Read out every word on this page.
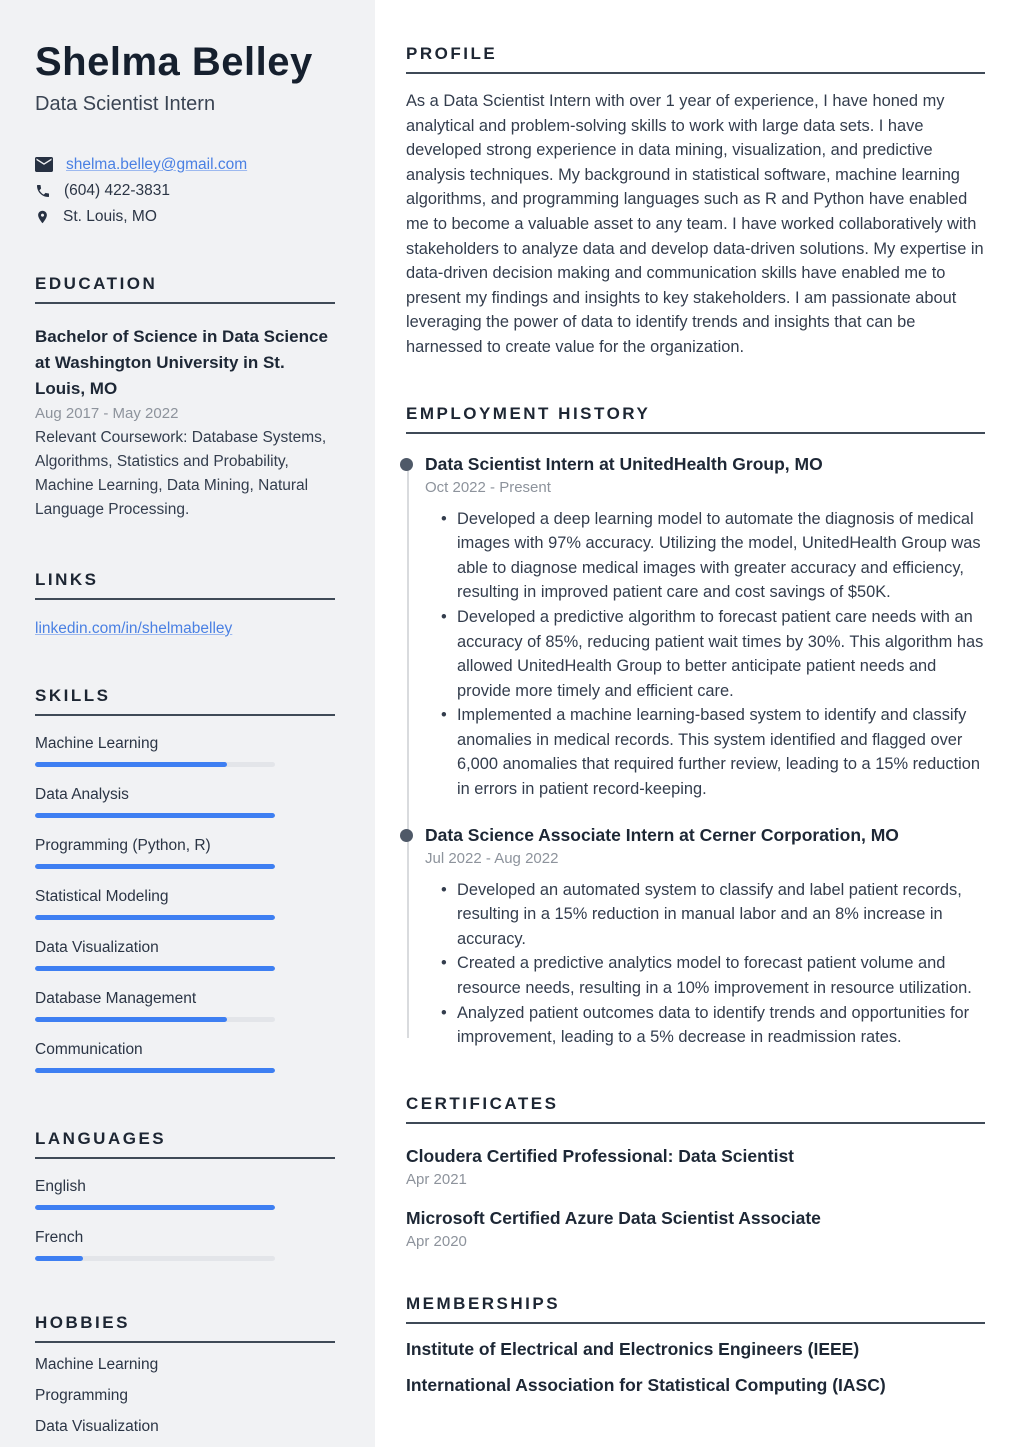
Shelma Belley
Data Scientist Intern
shelma.belley@gmail.com
(604) 422-3831
St. Louis, MO
EDUCATION
Bachelor of Science in Data Science at Washington University in St. Louis, MO
Aug 2017 - May 2022
Relevant Coursework: Database Systems, Algorithms, Statistics and Probability, Machine Learning, Data Mining, Natural Language Processing.
LINKS
linkedin.com/in/shelmabelley
SKILLS
Machine Learning
Data Analysis
Programming (Python, R)
Statistical Modeling
Data Visualization
Database Management
Communication
LANGUAGES
English
French
HOBBIES
Machine Learning
Programming
Data Visualization
PROFILE

As a Data Scientist Intern with over 1 year of experience, I have honed my analytical and problem-solving skills to work with large data sets. I have developed strong experience in data mining, visualization, and predictive analysis techniques. My background in statistical software, machine learning algorithms, and programming languages such as R and Python have enabled me to become a valuable asset to any team. I have worked collaboratively with stakeholders to analyze data and develop data-driven solutions. My expertise in data-driven decision making and communication skills have enabled me to present my findings and insights to key stakeholders. I am passionate about leveraging the power of data to identify trends and insights that can be harnessed to create value for the organization.

EMPLOYMENT HISTORY
Data Scientist Intern at UnitedHealth Group, MO
Oct 2022 - Present
• Developed a deep learning model to automate the diagnosis of medical images with 97% accuracy. Utilizing the model, UnitedHealth Group was able to diagnose medical images with greater accuracy and efficiency, resulting in improved patient care and cost savings of $50K.
• Developed a predictive algorithm to forecast patient care needs with an accuracy of 85%, reducing patient wait times by 30%. This algorithm has allowed UnitedHealth Group to better anticipate patient needs and provide more timely and efficient care.
• Implemented a machine learning-based system to identify and classify anomalies in medical records. This system identified and flagged over 6,000 anomalies that required further review, leading to a 15% reduction in errors in patient record-keeping.
Data Science Associate Intern at Cerner Corporation, MO
Jul 2022 - Aug 2022
• Developed an automated system to classify and label patient records, resulting in a 15% reduction in manual labor and an 8% increase in accuracy.
• Created a predictive analytics model to forecast patient volume and resource needs, resulting in a 10% improvement in resource utilization.
• Analyzed patient outcomes data to identify trends and opportunities for improvement, leading to a 5% decrease in readmission rates.
CERTIFICATES
Cloudera Certified Professional: Data Scientist
Apr 2021
Microsoft Certified Azure Data Scientist Associate
Apr 2020
MEMBERSHIPS
Institute of Electrical and Electronics Engineers (IEEE)
International Association for Statistical Computing (IASC)
